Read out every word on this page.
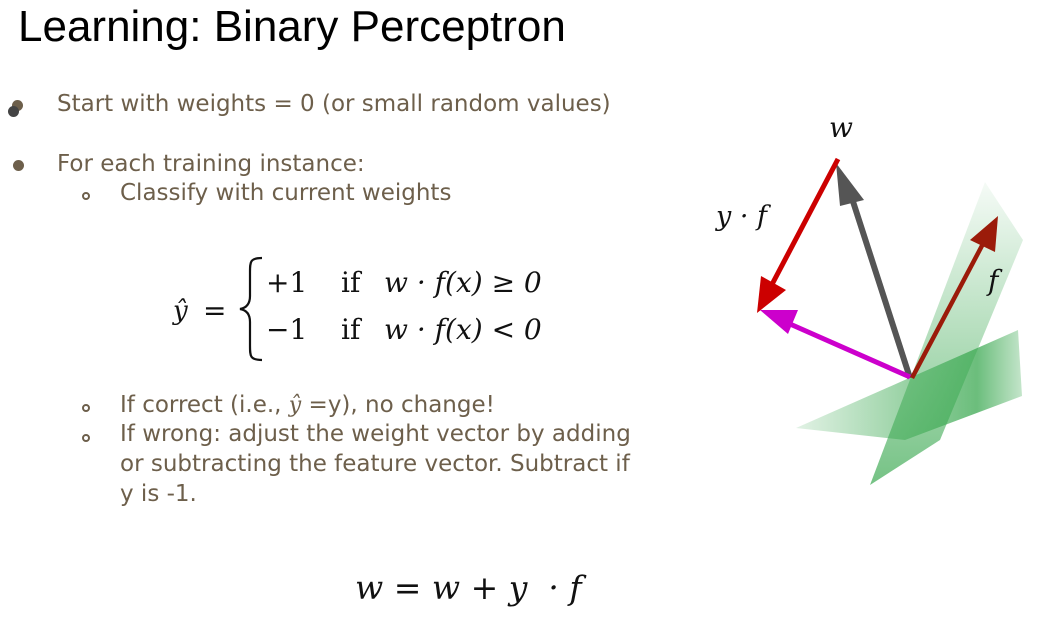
Learning: Binary Perceptron
Start with weights = 0 (or small random values)
For each training instance:
Classify with current weights
ŷ =
+1 if w · f(x) ≥ 0
−1 if w · f(x) < 0
If correct (i.e., ŷ =y), no change!
If wrong: adjust the weight vector by adding
or subtracting the feature vector. Subtract if
y is -1.
w = w + y  · f
w
y · f
f
